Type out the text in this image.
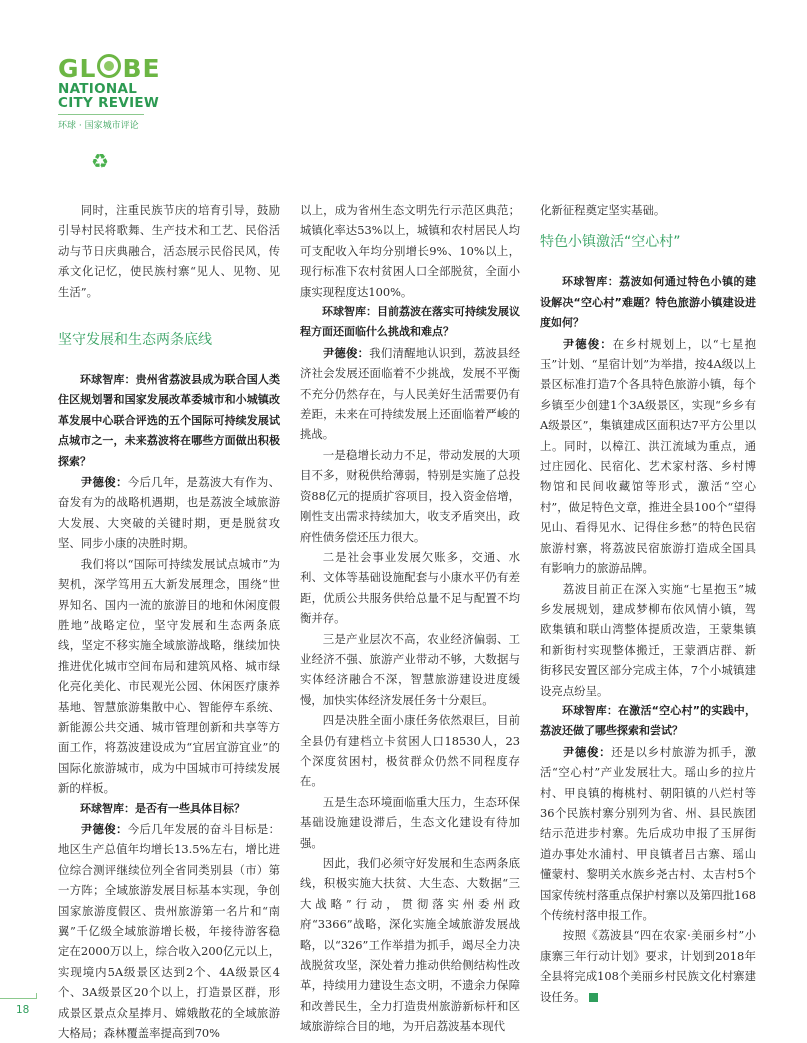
GL BE
NATIONAL
CITY REVIEW
环球 · 国家城市评论
♻

同时，注重民族节庆的培育引导，鼓励引导村民将歌舞、生产技术和工艺、民俗活动与节日庆典融合，活态展示民俗民风，传承文化记忆，使民族村寨“见人、见物、见生活”。

坚守发展和生态两条底线

环球智库：贵州省荔波县成为联合国人类住区规划署和国家发展改革委城市和小城镇改革发展中心联合评选的五个国际可持续发展试点城市之一，未来荔波将在哪些方面做出积极探索？

尹德俊：今后几年，是荔波大有作为、奋发有为的战略机遇期，也是荔波全域旅游大发展、大突破的关键时期，更是脱贫攻坚、同步小康的决胜时期。

我们将以“国际可持续发展试点城市”为契机，深学笃用五大新发展理念，围绕“世界知名、国内一流的旅游目的地和休闲度假胜地”战略定位，坚守发展和生态两条底线，坚定不移实施全域旅游战略，继续加快推进优化城市空间布局和建筑风格、城市绿化亮化美化、市民观光公园、休闲医疗康养基地、智慧旅游集散中心、智能停车系统、新能源公共交通、城市管理创新和共享等方面工作，将荔波建设成为“宜居宜游宜业”的国际化旅游城市，成为中国城市可持续发展新的样板。

环球智库：是否有一些具体目标？

尹德俊：今后几年发展的奋斗目标是：地区生产总值年均增长13.5%左右，增比进位综合测评继续位列全省同类别县（市）第一方阵；全域旅游发展目标基本实现，争创国家旅游度假区、贵州旅游第一名片和“南翼”千亿级全域旅游增长极，年接待游客稳定在2000万以上，综合收入200亿元以上，实现境内5A级景区达到2个、4A级景区4个、3A级景区20个以上，打造景区群，形成景区景点众星捧月、嫦娥散花的全域旅游大格局；森林覆盖率提高到70%

以上，成为省州生态文明先行示范区典范；城镇化率达53%以上，城镇和农村居民人均可支配收入年均分别增长9%、10%以上，现行标准下农村贫困人口全部脱贫，全面小康实现程度达100%。

环球智库：目前荔波在落实可持续发展议程方面还面临什么挑战和难点？

尹德俊：我们清醒地认识到，荔波县经济社会发展还面临着不少挑战，发展不平衡不充分仍然存在，与人民美好生活需要仍有差距，未来在可持续发展上还面临着严峻的挑战。

一是稳增长动力不足，带动发展的大项目不多，财税供给薄弱，特别是实施了总投资88亿元的提质扩容项目，投入资金倍增，刚性支出需求持续加大，收支矛盾突出，政府性债务偿还压力很大。

二是社会事业发展欠账多，交通、水利、文体等基础设施配套与小康水平仍有差距，优质公共服务供给总量不足与配置不均衡并存。

三是产业层次不高，农业经济偏弱、工业经济不强、旅游产业带动不够，大数据与实体经济融合不深，智慧旅游建设进度缓慢，加快实体经济发展任务十分艰巨。

四是决胜全面小康任务依然艰巨，目前全县仍有建档立卡贫困人口18530人，23个深度贫困村，极贫群众仍然不同程度存在。

五是生态环境面临重大压力，生态环保基础设施建设滞后，生态文化建设有待加强。

因此，我们必须守好发展和生态两条底线，积极实施大扶贫、大生态、大数据“三大战略”行动，贯彻落实州委州政府“3366”战略，深化实施全域旅游发展战略，以“326”工作举措为抓手，竭尽全力决战脱贫攻坚，深处着力推动供给侧结构性改革，持续用力建设生态文明，不遗余力保障和改善民生，全力打造贵州旅游新标杆和区域旅游综合目的地，为开启荔波基本现代

化新征程奠定坚实基础。

特色小镇激活“空心村”

环球智库：荔波如何通过特色小镇的建设解决“空心村”难题？特色旅游小镇建设进度如何？

尹德俊：在乡村规划上，以“七星抱玉”计划、“星宿计划”为举措，按4A级以上景区标准打造7个各具特色旅游小镇，每个乡镇至少创建1个3A级景区，实现“乡乡有A级景区”，集镇建成区面积达7平方公里以上。同时，以樟江、洪江流域为重点，通过庄园化、民宿化、艺术家村落、乡村博物馆和民间收藏馆等形式，激活“空心村”，做足特色文章，推进全县100个“望得见山、看得见水、记得住乡愁”的特色民宿旅游村寨，将荔波民宿旅游打造成全国具有影响力的旅游品牌。

荔波目前正在深入实施“七星抱玉”城乡发展规划，建成梦柳布依风情小镇，驾欧集镇和联山湾整体提质改造，王蒙集镇和新街村实现整体搬迁，王蒙酒店群、新街移民安置区部分完成主体，7个小城镇建设亮点纷呈。

环球智库：在激活“空心村”的实践中，荔波还做了哪些探索和尝试？

尹德俊：还是以乡村旅游为抓手，激活“空心村”产业发展壮大。瑶山乡的拉片村、甲良镇的梅桃村、朝阳镇的八烂村等36个民族村寨分别列为省、州、县民族团结示范进步村寨。先后成功申报了玉屏街道办事处水浦村、甲良镇者吕古寨、瑶山懂蒙村、黎明关水族乡尧古村、太吉村5个国家传统村落重点保护村寨以及第四批168个传统村落申报工作。

按照《荔波县“四在农家·美丽乡村”小康寨三年行动计划》要求，计划到2018年全县将完成108个美丽乡村民族文化村寨建设任务。

18
